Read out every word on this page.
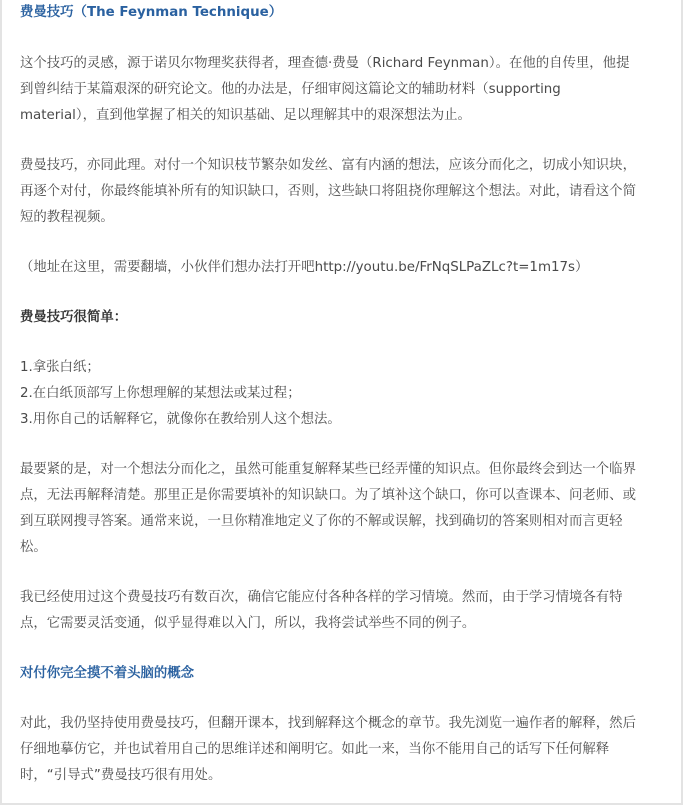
费曼技巧（The Feynman Technique）
这个技巧的灵感，源于诺贝尔物理奖获得者，理查德·费曼（Richard Feynman）。在他的自传里，他提
到曾纠结于某篇艰深的研究论文。他的办法是，仔细审阅这篇论文的辅助材料（supporting
material），直到他掌握了相关的知识基础、足以理解其中的艰深想法为止。
费曼技巧，亦同此理。对付一个知识枝节繁杂如发丝、富有内涵的想法，应该分而化之，切成小知识块，
再逐个对付，你最终能填补所有的知识缺口，否则，这些缺口将阻挠你理解这个想法。对此，请看这个简
短的教程视频。
（地址在这里，需要翻墙，小伙伴们想办法打开吧http://youtu.be/FrNqSLPaZLc?t=1m17s）
费曼技巧很简单：
1.拿张白纸；
2.在白纸顶部写上你想理解的某想法或某过程；
3.用你自己的话解释它，就像你在教给别人这个想法。
最要紧的是，对一个想法分而化之，虽然可能重复解释某些已经弄懂的知识点。但你最终会到达一个临界
点，无法再解释清楚。那里正是你需要填补的知识缺口。为了填补这个缺口，你可以查课本、问老师、或
到互联网搜寻答案。通常来说，一旦你精准地定义了你的不解或误解，找到确切的答案则相对而言更轻
松。
我已经使用过这个费曼技巧有数百次，确信它能应付各种各样的学习情境。然而，由于学习情境各有特
点，它需要灵活变通，似乎显得难以入门，所以，我将尝试举些不同的例子。
对付你完全摸不着头脑的概念
对此，我仍坚持使用费曼技巧，但翻开课本，找到解释这个概念的章节。我先浏览一遍作者的解释，然后
仔细地摹仿它，并也试着用自己的思维详述和阐明它。如此一来，当你不能用自己的话写下任何解释
时，“引导式”费曼技巧很有用处。
